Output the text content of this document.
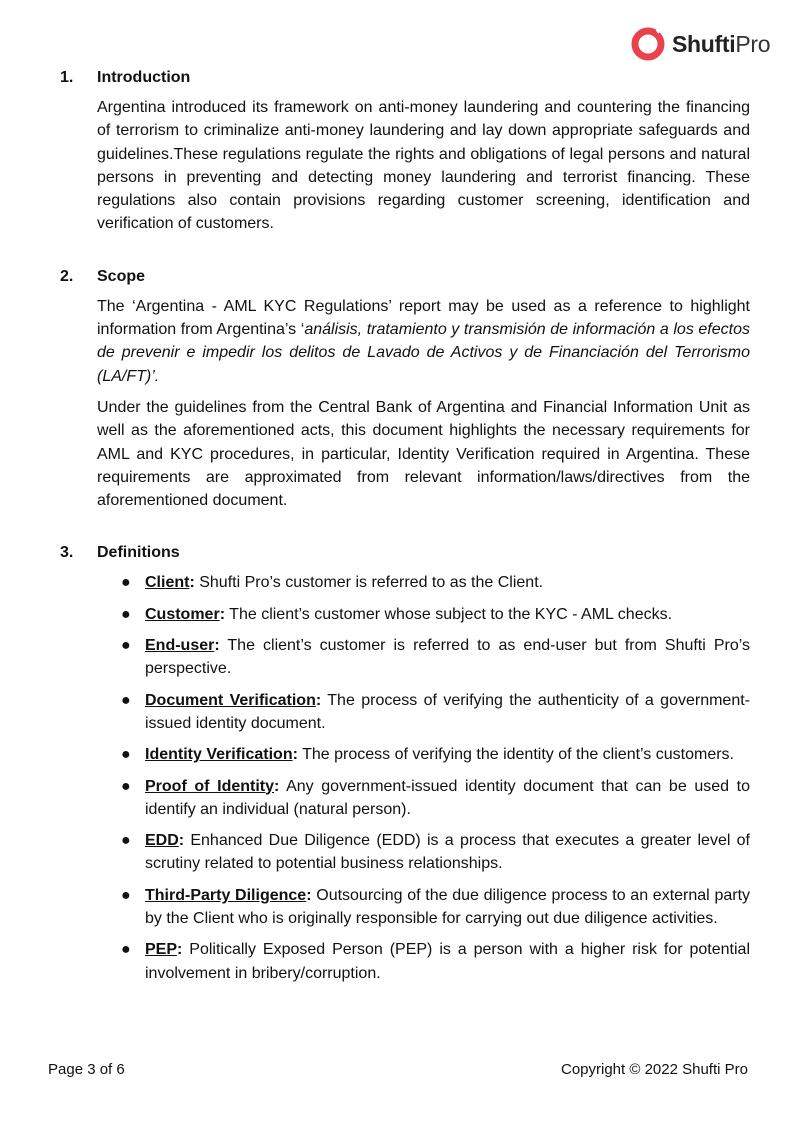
ShuftiPro
1.	Introduction

Argentina introduced its framework on anti-money laundering and countering the financing of terrorism to criminalize anti-money laundering and lay down appropriate safeguards and guidelines.These regulations regulate the rights and obligations of legal persons and natural persons in preventing and detecting money laundering and terrorist financing. These regulations also contain provisions regarding customer screening, identification and verification of customers.

2.	Scope

The ‘Argentina - AML KYC Regulations’ report may be used as a reference to highlight information from Argentina’s ‘análisis, tratamiento y transmisión de información a los efectos de prevenir e impedir los delitos de Lavado de Activos y de Financiación del Terrorismo (LA/FT)’.

Under the guidelines from the Central Bank of Argentina and Financial Information Unit as well as the aforementioned acts, this document highlights the necessary requirements for AML and KYC procedures, in particular, Identity Verification required in Argentina. These requirements are approximated from relevant information/laws/directives from the aforementioned document.

3.	Definitions
● Client: Shufti Pro’s customer is referred to as the Client.
● Customer: The client’s customer whose subject to the KYC - AML checks.
● End-user: The client’s customer is referred to as end-user but from Shufti Pro’s perspective.
● Document Verification: The process of verifying the authenticity of a government-issued identity document.
● Identity Verification: The process of verifying the identity of the client’s customers.
● Proof of Identity: Any government-issued identity document that can be used to identify an individual (natural person).
● EDD: Enhanced Due Diligence (EDD) is a process that executes a greater level of scrutiny related to potential business relationships.
● Third-Party Diligence: Outsourcing of the due diligence process to an external party by the Client who is originally responsible for carrying out due diligence activities.
● PEP: Politically Exposed Person (PEP) is a person with a higher risk for potential involvement in bribery/corruption.
Page 3 of 6	Copyright © 2022 Shufti Pro
